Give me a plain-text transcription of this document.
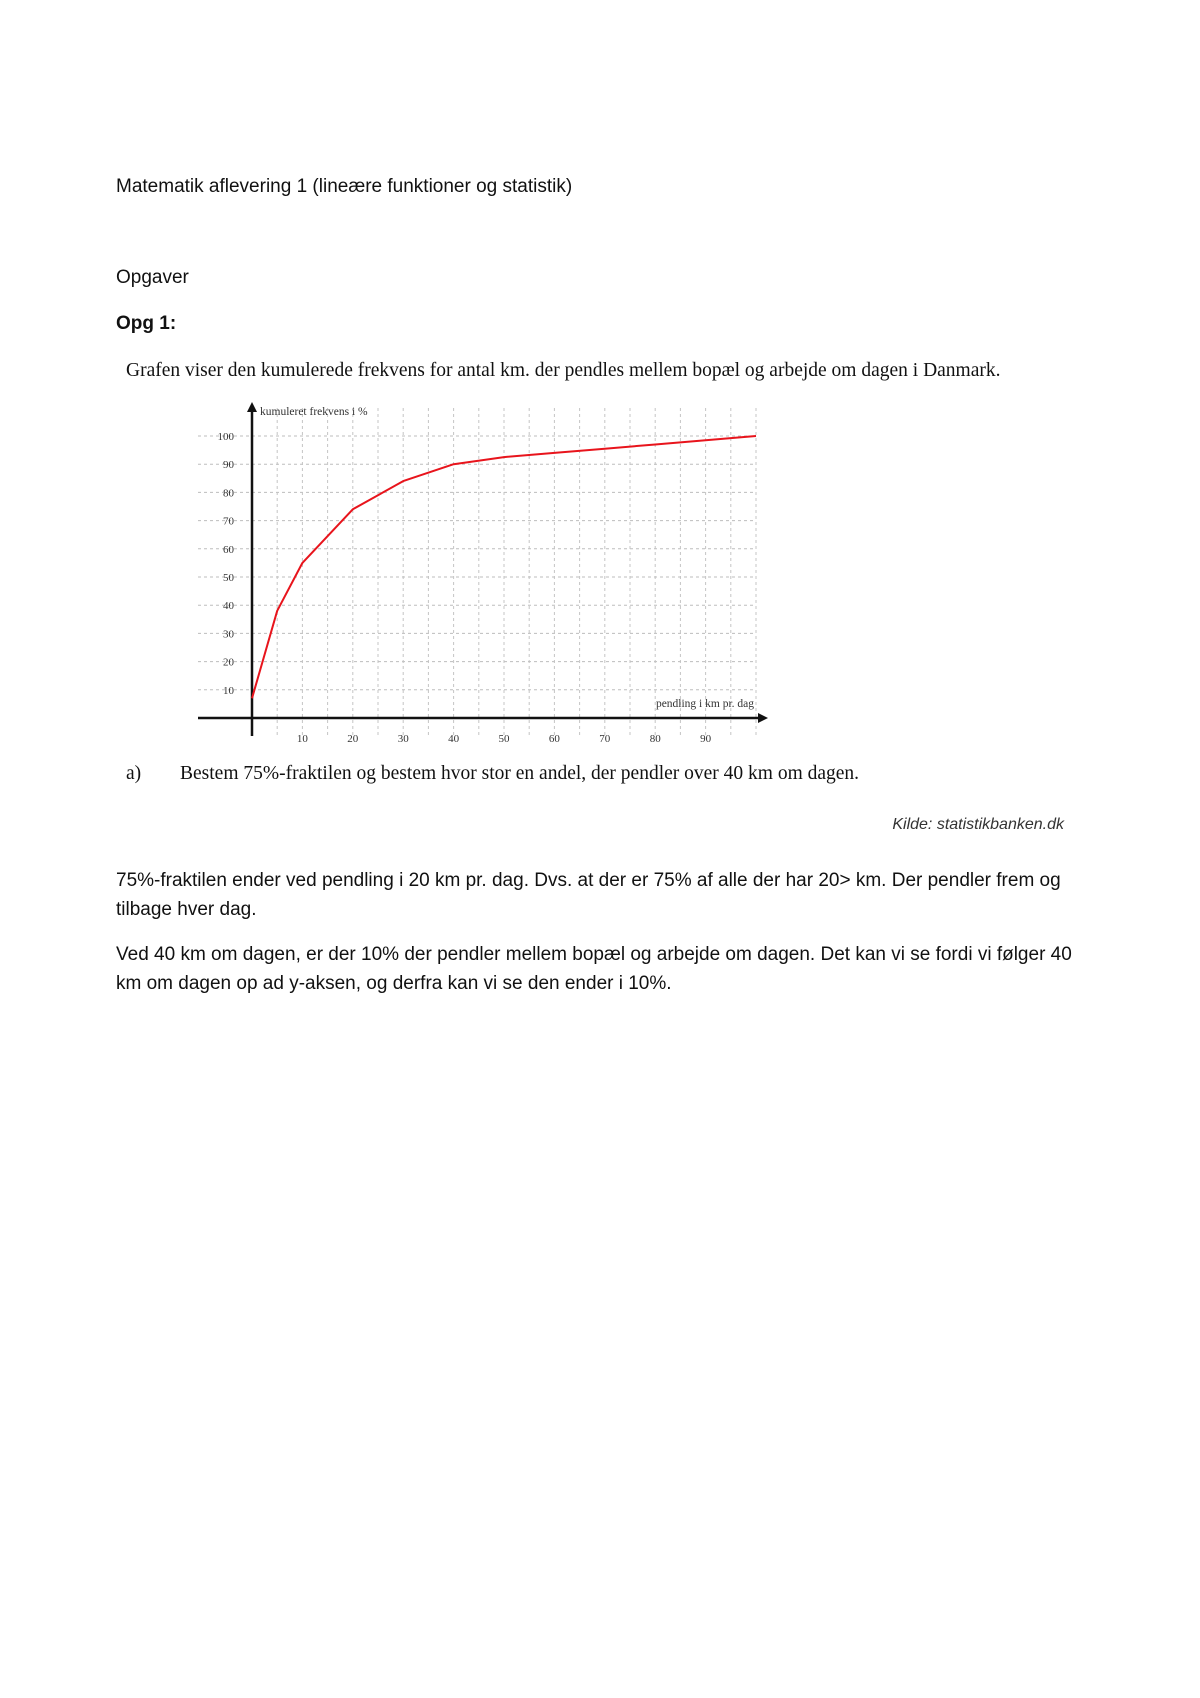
Matematik aflevering 1 (lineære funktioner og statistik)

Opgaver

Opg 1:

Grafen viser den kumulerede frekvens for antal km. der pendles mellem bopæl og arbejde om dagen i Danmark.

10
20
30
40
50
60
70
80
90
100
10	20	30	40	50	60	70	80	90
kumuleret frekvens i %
pendling i km pr. dag

a) Bestem 75%-fraktilen og bestem hvor stor en andel, der pendler over 40 km om dagen.

Kilde: statistikbanken.dk

75%-fraktilen ender ved pendling i 20 km pr. dag. Dvs. at der er 75% af alle der har 20> km. Der pendler frem og tilbage hver dag.

Ved 40 km om dagen, er der 10% der pendler mellem bopæl og arbejde om dagen. Det kan vi se fordi vi følger 40 km om dagen op ad y-aksen, og derfra kan vi se den ender i 10%.
